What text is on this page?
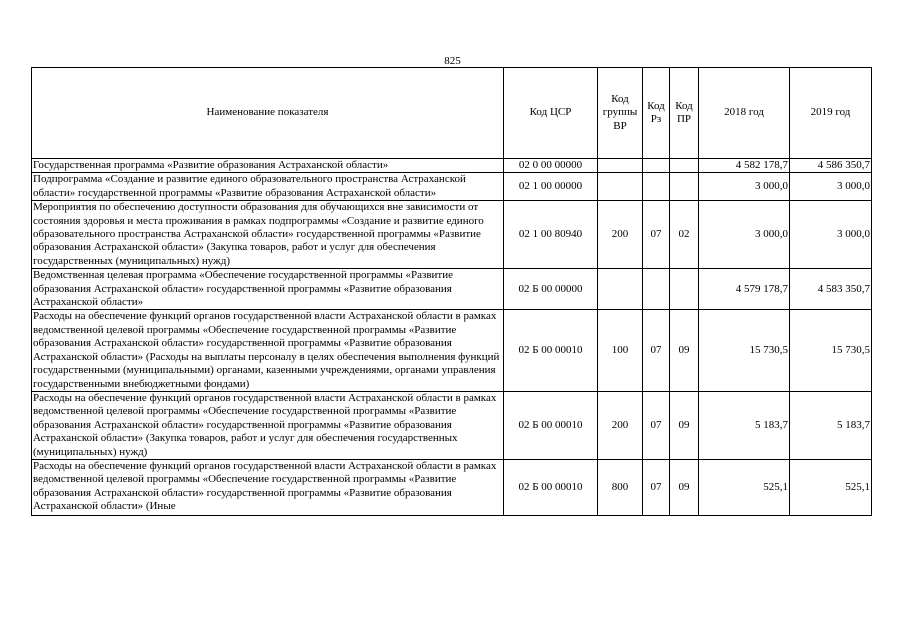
825
Наименование показателя	Код ЦСР	Код группы ВР	Код Рз	Код ПР	2018 год	2019 год
Государственная программа «Развитие образования Астраханской области»	02 0 00 00000				4 582 178,7	4 586 350,7
Подпрограмма «Создание и развитие единого образовательного пространства Астраханской области» государственной программы «Развитие образования Астраханской области»	02 1 00 00000				3 000,0	3 000,0
Мероприятия по обеспечению доступности образования для обучающихся вне зависимости от состояния здоровья и места проживания в рамках подпрограммы «Создание и развитие единого образовательного пространства Астраханской области» государственной программы «Развитие образования Астраханской области» (Закупка товаров, работ и услуг для обеспечения государственных (муниципальных) нужд)	02 1 00 80940	200	07	02	3 000,0	3 000,0
Ведомственная целевая программа «Обеспечение государственной программы «Развитие образования Астраханской области» государственной программы «Развитие образования Астраханской области»	02 Б 00 00000				4 579 178,7	4 583 350,7
Расходы на обеспечение функций органов государственной власти Астраханской области в рамках ведомственной целевой программы «Обеспечение государственной программы «Развитие образования Астраханской области» государственной программы «Развитие образования Астраханской области» (Расходы на выплаты персоналу в целях обеспечения выполнения функций государственными (муниципальными) органами, казенными учреждениями, органами управления государственными внебюджетными фондами)	02 Б 00 00010	100	07	09	15 730,5	15 730,5
Расходы на обеспечение функций органов государственной власти Астраханской области в рамках ведомственной целевой программы «Обеспечение государственной программы «Развитие образования Астраханской области» государственной программы «Развитие образования Астраханской области» (Закупка товаров, работ и услуг для обеспечения государственных (муниципальных) нужд)	02 Б 00 00010	200	07	09	5 183,7	5 183,7

Расходы на обеспечение функций органов государственной власти Астраханской области в рамках ведомственной целевой программы «Обеспечение государственной программы «Развитие образования Астраханской области» государственной программы «Развитие образования Астраханской области» (Иные	02 Б 00 00010	800	07	09	525,1	525,1
